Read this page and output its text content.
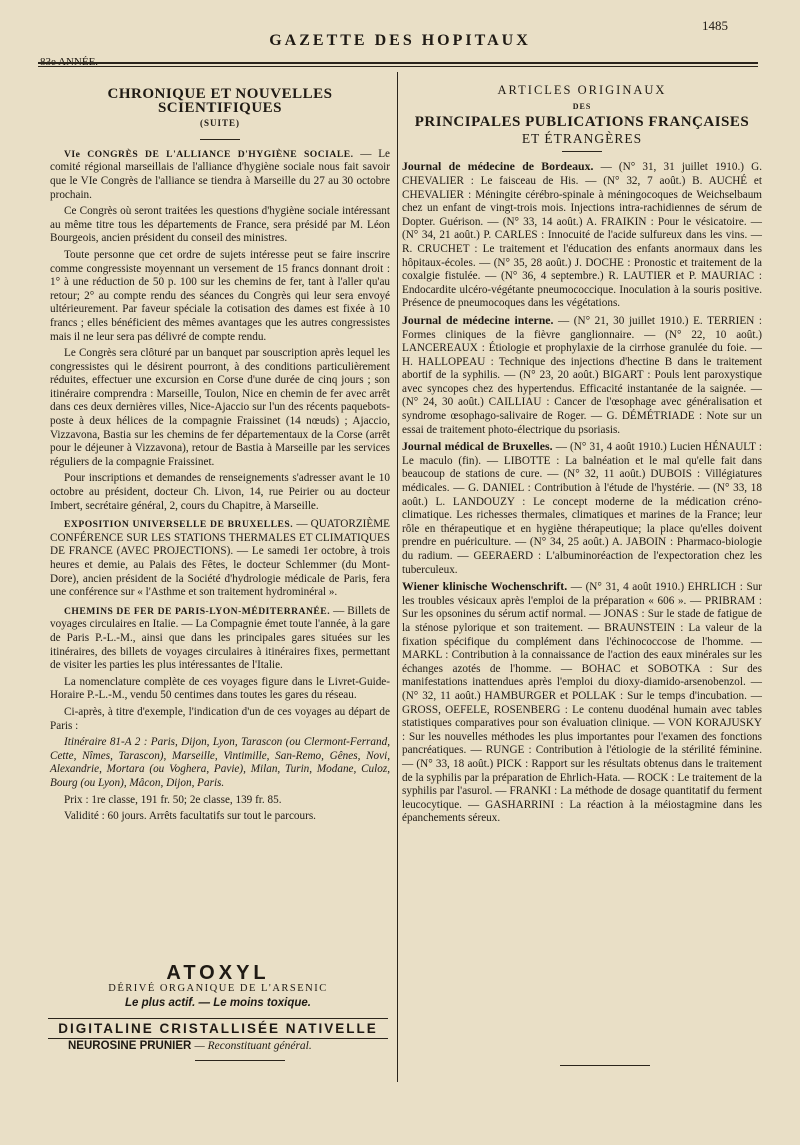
1485
83e ANNÉE.
GAZETTE DES HOPITAUX
CHRONIQUE ET NOUVELLES SCIENTIFIQUES
(SUITE)

VIe CONGRÈS DE L'ALLIANCE D'HYGIÈNE SOCIALE. — Le comité régional marseillais de l'alliance d'hygiène sociale nous fait savoir que le VIe Congrès de l'alliance se tiendra à Marseille du 27 au 30 octobre prochain.

Ce Congrès où seront traitées les questions d'hygiène sociale intéressant au même titre tous les départements de France, sera présidé par M. Léon Bourgeois, ancien président du conseil des ministres.

Toute personne que cet ordre de sujets intéresse peut se faire inscrire comme congressiste moyennant un versement de 15 francs donnant droit : 1° à une réduction de 50 p. 100 sur les chemins de fer, tant à l'aller qu'au retour; 2° au compte rendu des séances du Congrès qui leur sera envoyé ultérieurement. Par faveur spéciale la cotisation des dames est fixée à 10 francs ; elles bénéficient des mêmes avantages que les autres congressistes mais il ne leur sera pas délivré de compte rendu.

Le Congrès sera clôturé par un banquet par souscription après lequel les congressistes qui le désirent pourront, à des conditions particulièrement réduites, effectuer une excursion en Corse d'une durée de cinq jours ; son itinéraire comprendra : Marseille, Toulon, Nice en chemin de fer avec arrêt dans ces deux dernières villes, Nice-Ajaccio sur l'un des récents paquebots-poste à deux hélices de la compagnie Fraissinet (14 nœuds) ; Ajaccio, Vizzavona, Bastia sur les chemins de fer départementaux de la Corse (arrêt pour le déjeuner à Vizzavona), retour de Bastia à Marseille par les services réguliers de la compagnie Fraissinet.

Pour inscriptions et demandes de renseignements s'adresser avant le 10 octobre au président, docteur Ch. Livon, 14, rue Peirier ou au docteur Imbert, secrétaire général, 2, cours du Chapitre, à Marseille.

EXPOSITION UNIVERSELLE DE BRUXELLES. — QUATORZIÈME CONFÉRENCE SUR LES STATIONS THERMALES ET CLIMATIQUES DE FRANCE (AVEC PROJECTIONS). — Le samedi 1er octobre, à trois heures et demie, au Palais des Fêtes, le docteur Schlemmer (du Mont-Dore), ancien président de la Société d'hydrologie médicale de Paris, fera une conférence sur « l'Asthme et son traitement hydrominéral ».

CHEMINS DE FER DE PARIS-LYON-MÉDITERRANÉE. — Billets de voyages circulaires en Italie. — La Compagnie émet toute l'année, à la gare de Paris P.-L.-M., ainsi que dans les principales gares situées sur les itinéraires, des billets de voyages circulaires à itinéraires fixes, permettant de visiter les parties les plus intéressantes de l'Italie.

La nomenclature complète de ces voyages figure dans le Livret-Guide-Horaire P.-L.-M., vendu 50 centimes dans toutes les gares du réseau.

Ci-après, à titre d'exemple, l'indication d'un de ces voyages au départ de Paris :

Itinéraire 81-A 2 : Paris, Dijon, Lyon, Tarascon (ou Clermont-Ferrand, Cette, Nîmes, Tarascon), Marseille, Vintimille, San-Remo, Gênes, Novi, Alexandrie, Mortara (ou Voghera, Pavie), Milan, Turin, Modane, Culoz, Bourg (ou Lyon), Mâcon, Dijon, Paris.

Prix : 1re classe, 191 fr. 50; 2e classe, 139 fr. 85.

Validité : 60 jours. Arrêts facultatifs sur tout le parcours.

ATOXYL
DÉRIVÉ ORGANIQUE DE L'ARSENIC
Le plus actif. — Le moins toxique.
DIGITALINE CRISTALLISÉE NATIVELLE
NEUROSINE PRUNIER — Reconstituant général.
ARTICLES ORIGINAUX
DES
PRINCIPALES PUBLICATIONS FRANÇAISES
ET ÉTRANGÈRES

Journal de médecine de Bordeaux. — (N° 31, 31 juillet 1910.) G. CHEVALIER : Le faisceau de His. — (N° 32, 7 août.) B. AUCHÉ et CHEVALIER : Méningite cérébro-spinale à méningocoques de Weichselbaum chez un enfant de vingt-trois mois. Injections intra-rachidiennes de sérum de Dopter. Guérison. — (N° 33, 14 août.) A. FRAIKIN : Pour le vésicatoire. — (N° 34, 21 août.) P. CARLES : Innocuité de l'acide sulfureux dans les vins. — R. CRUCHET : Le traitement et l'éducation des enfants anormaux dans les hôpitaux-écoles. — (N° 35, 28 août.) J. DOCHE : Pronostic et traitement de la coxalgie fistulée. — (N° 36, 4 septembre.) R. LAUTIER et P. MAURIAC : Endocardite ulcéro-végétante pneumococcique. Inoculation à la souris positive. Présence de pneumocoques dans les végétations.

Journal de médecine interne. — (N° 21, 30 juillet 1910.) E. TERRIEN : Formes cliniques de la fièvre ganglionnaire. — (N° 22, 10 août.) LANCEREAUX : Étiologie et prophylaxie de la cirrhose granulée du foie. — H. HALLOPEAU : Technique des injections d'hectine B dans le traitement abortif de la syphilis. — (N° 23, 20 août.) BIGART : Pouls lent paroxystique avec syncopes chez des hypertendus. Efficacité instantanée de la saignée. — (N° 24, 30 août.) CAILLIAU : Cancer de l'œsophage avec généralisation et syndrome œsophago-salivaire de Roger. — G. DÉMÉTRIADE : Note sur un essai de traitement photo-électrique du psoriasis.

Journal médical de Bruxelles. — (N° 31, 4 août 1910.) Lucien HÉNAULT : Le maculo (fin). — LIBOTTE : La balnéation et le mal qu'elle fait dans beaucoup de stations de cure. — (N° 32, 11 août.) DUBOIS : Villégiatures médicales. — G. DANIEL : Contribution à l'étude de l'hystérie. — (N° 33, 18 août.) L. LANDOUZY : Le concept moderne de la médication créno-climatique. Les richesses thermales, climatiques et marines de la France; leur rôle en thérapeutique et en hygiène thérapeutique; la place qu'elles doivent prendre en puériculture. — (N° 34, 25 août.) A. JABOIN : Pharmaco-biologie du radium. — GEERAERD : L'albuminoréaction de l'expectoration chez les tuberculeux.

Wiener klinische Wochenschrift. — (N° 31, 4 août 1910.) EHRLICH : Sur les troubles vésicaux après l'emploi de la préparation « 606 ». — PRIBRAM : Sur les opsonines du sérum actif normal. — JONAS : Sur le stade de fatigue de la sténose pylorique et son traitement. — BRAUNSTEIN : La valeur de la fixation spécifique du complément dans l'échinococcose de l'homme. — MARKL : Contribution à la connaissance de l'action des eaux minérales sur les échanges azotés de l'homme. — BOHAC et SOBOTKA : Sur des manifestations inattendues après l'emploi du dioxy-diamido-arsenobenzol. — (N° 32, 11 août.) HAMBURGER et POLLAK : Sur le temps d'incubation. — GROSS, OEFELE, ROSENBERG : Le contenu duodénal humain avec tables statistiques comparatives pour son évaluation clinique. — VON KORAJUSKY : Sur les nouvelles méthodes les plus importantes pour l'examen des fonctions pancréatiques. — RUNGE : Contribution à l'étiologie de la stérilité féminine. — (N° 33, 18 août.) PICK : Rapport sur les résultats obtenus dans le traitement de la syphilis par la préparation de Ehrlich-Hata. — ROCK : Le traitement de la syphilis par l'asurol. — FRANKI : La méthode de dosage quantitatif du ferment leucocytique. — GASHARRINI : La réaction à la méiostagmine dans les épanchements séreux.
